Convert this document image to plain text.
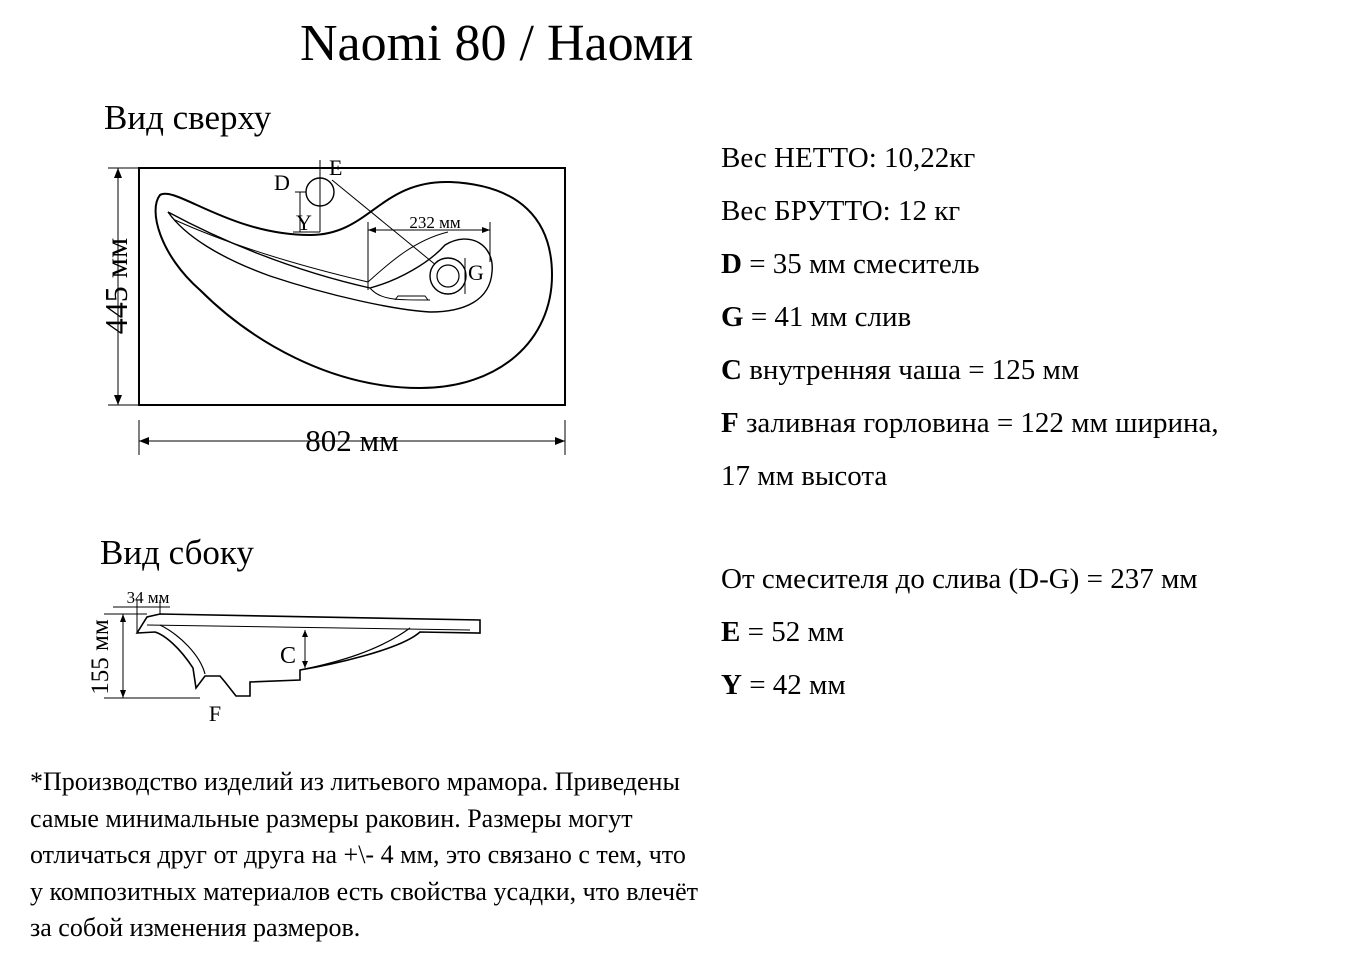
Naomi 80 / Наоми
Вид сверху
Вид сбоку
445 мм
802 мм
232 мм
D
E
Y
G
34 мм
155 мм	C
F
Вес НЕТТО: 10,22кг
Вес БРУТТО: 12 кг
D = 35 мм смеситель
G = 41 мм слив
C внутренняя чаша = 125 мм
F заливная горловина = 122 мм ширина,
17 мм высота
От смесителя до слива (D-G) = 237 мм
E = 52 мм
Y = 42 мм
*Производство изделий из литьевого мрамора. Приведены
самые минимальные размеры раковин. Размеры могут
отличаться друг от друга на +\- 4 мм, это связано с тем, что
у композитных материалов есть свойства усадки, что влечёт
за собой изменения размеров.
